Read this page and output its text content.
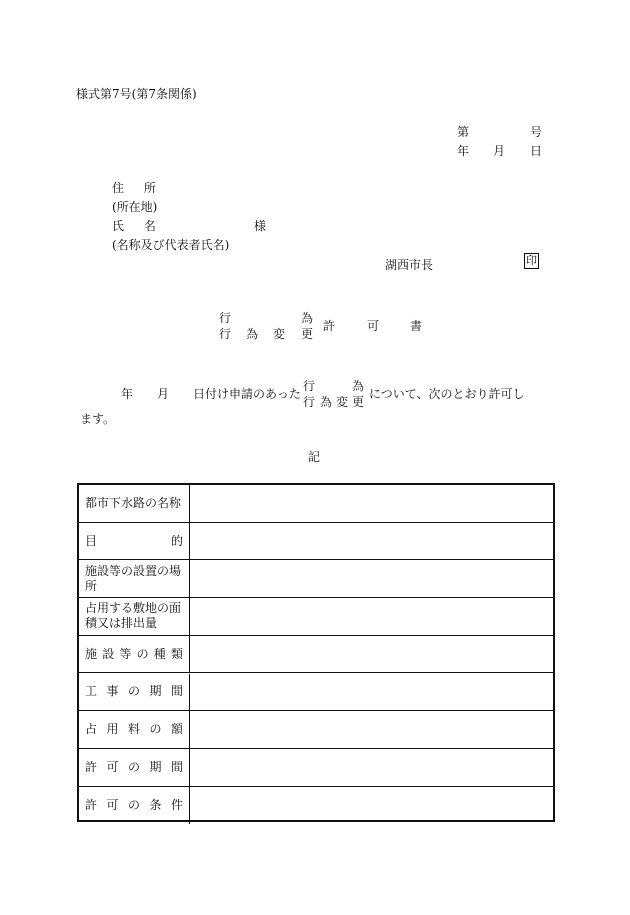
様式第7号(第7条関係)
第	号
年 月 日
住 所
(所在地)
氏 名	様
(名称及び代表者氏名)
湖西市長	印
行	為
行 為 変 更
許	可	書
年 月 日付け申請のあった
行	為
行 為 変 更
について、次のとおり許可し
ます。
記
都市下水路の名称
目	的
施設等の設置の場所
占用する敷地の面積又は排出量
施 設 等 の 種 類
工 事 の 期 間
占 用 料 の 額
許 可 の 期 間
許 可 の 条 件
